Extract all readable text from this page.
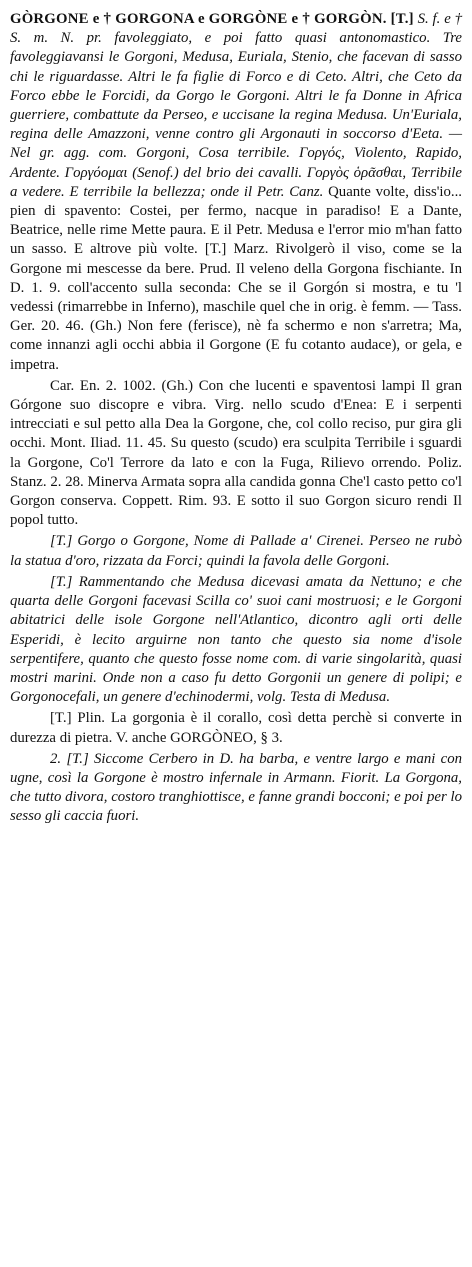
GÒRGONE e † GORGONA e GORGÒNE e † GORGÒN. [T.] S. f. e † S. m. N. pr. favoleggiato, e poi fatto quasi antonomastico. Tre favoleggiavansi le Gorgoni, Medusa, Euriala, Stenio, che facevan di sasso chi le riguardasse. Altri le fa figlie di Forco e di Ceto. Altri, che Ceto da Forco ebbe le Forcidi, da Gorgo le Gorgoni. Altri le fa Donne in Africa guerriere, combattute da Perseo, e uccisane la regina Medusa. Un'Euriala, regina delle Amazzoni, venne contro gli Argonauti in soccorso d'Eeta. — Nel gr. agg. com. Gorgoni, Cosa terribile. Γοργός, Violento, Rapido, Ardente. Γοργόομαι (Senof.) del brio dei cavalli. Γοργὸς ὁρᾶσθαι, Terribile a vedere. E terribile la bellezza; onde il Petr. Canz. Quante volte, diss'io... pien di spavento: Costei, per fermo, nacque in paradiso! E a Dante, Beatrice, nelle rime Mette paura. E il Petr. Medusa e l'error mio m'han fatto un sasso. E altrove più volte. [T.] Marz. Rivolgerò il viso, come se la Gorgone mi mescesse da bere. Prud. Il veleno della Gorgona fischiante. In D. 1. 9. coll'accento sulla seconda: Che se il Gorgón si mostra, e tu 'l vedessi (rimarrebbe in Inferno), maschile quel che in orig. è femm. — Tass. Ger. 20. 46. (Gh.) Non fere (ferisce), nè fa schermo e non s'arretra; Ma, come innanzi agli occhi abbia il Gorgone (E fu cotanto audace), or gela, e impetra.

Car. En. 2. 1002. (Gh.) Con che lucenti e spaventosi lampi Il gran Górgone suo discopre e vibra. Virg. nello scudo d'Enea: E i serpenti intrecciati e sul petto alla Dea la Gorgone, che, col collo reciso, pur gira gli occhi. Mont. Iliad. 11. 45. Su questo (scudo) era sculpita Terribile i sguardi la Gorgone, Co'l Terrore da lato e con la Fuga, Rilievo orrendo. Poliz. Stanz. 2. 28. Minerva Armata sopra alla candida gonna Che'l casto petto co'l Gorgon conserva. Coppett. Rim. 93. E sotto il suo Gorgon sicuro rendi Il popol tutto.

[T.] Gorgo o Gorgone, Nome di Pallade a' Cirenei. Perseo ne rubò la statua d'oro, rizzata da Forci; quindi la favola delle Gorgoni.

[T.] Rammentando che Medusa dicevasi amata da Nettuno; e che quarta delle Gorgoni facevasi Scilla co' suoi cani mostruosi; e le Gorgoni abitatrici delle isole Gorgone nell'Atlantico, dicontro agli orti delle Esperidi, è lecito arguirne non tanto che questo sia nome d'isole serpentifere, quanto che questo fosse nome com. di varie singolarità, quasi mostri marini. Onde non a caso fu detto Gorgonii un genere di polipi; e Gorgonocefali, un genere d'echinodermi, volg. Testa di Medusa.

[T.] Plin. La gorgonia è il corallo, così detta perchè si converte in durezza di pietra. V. anche GORGÒNEO, § 3.

2. [T.] Siccome Cerbero in D. ha barba, e ventre largo e mani con ugne, così la Gorgone è mostro infernale in Armann. Fiorit. La Gorgona, che tutto divora, costoro tranghiottisce, e fanne grandi bocconi; e poi per lo sesso gli caccia fuori.
